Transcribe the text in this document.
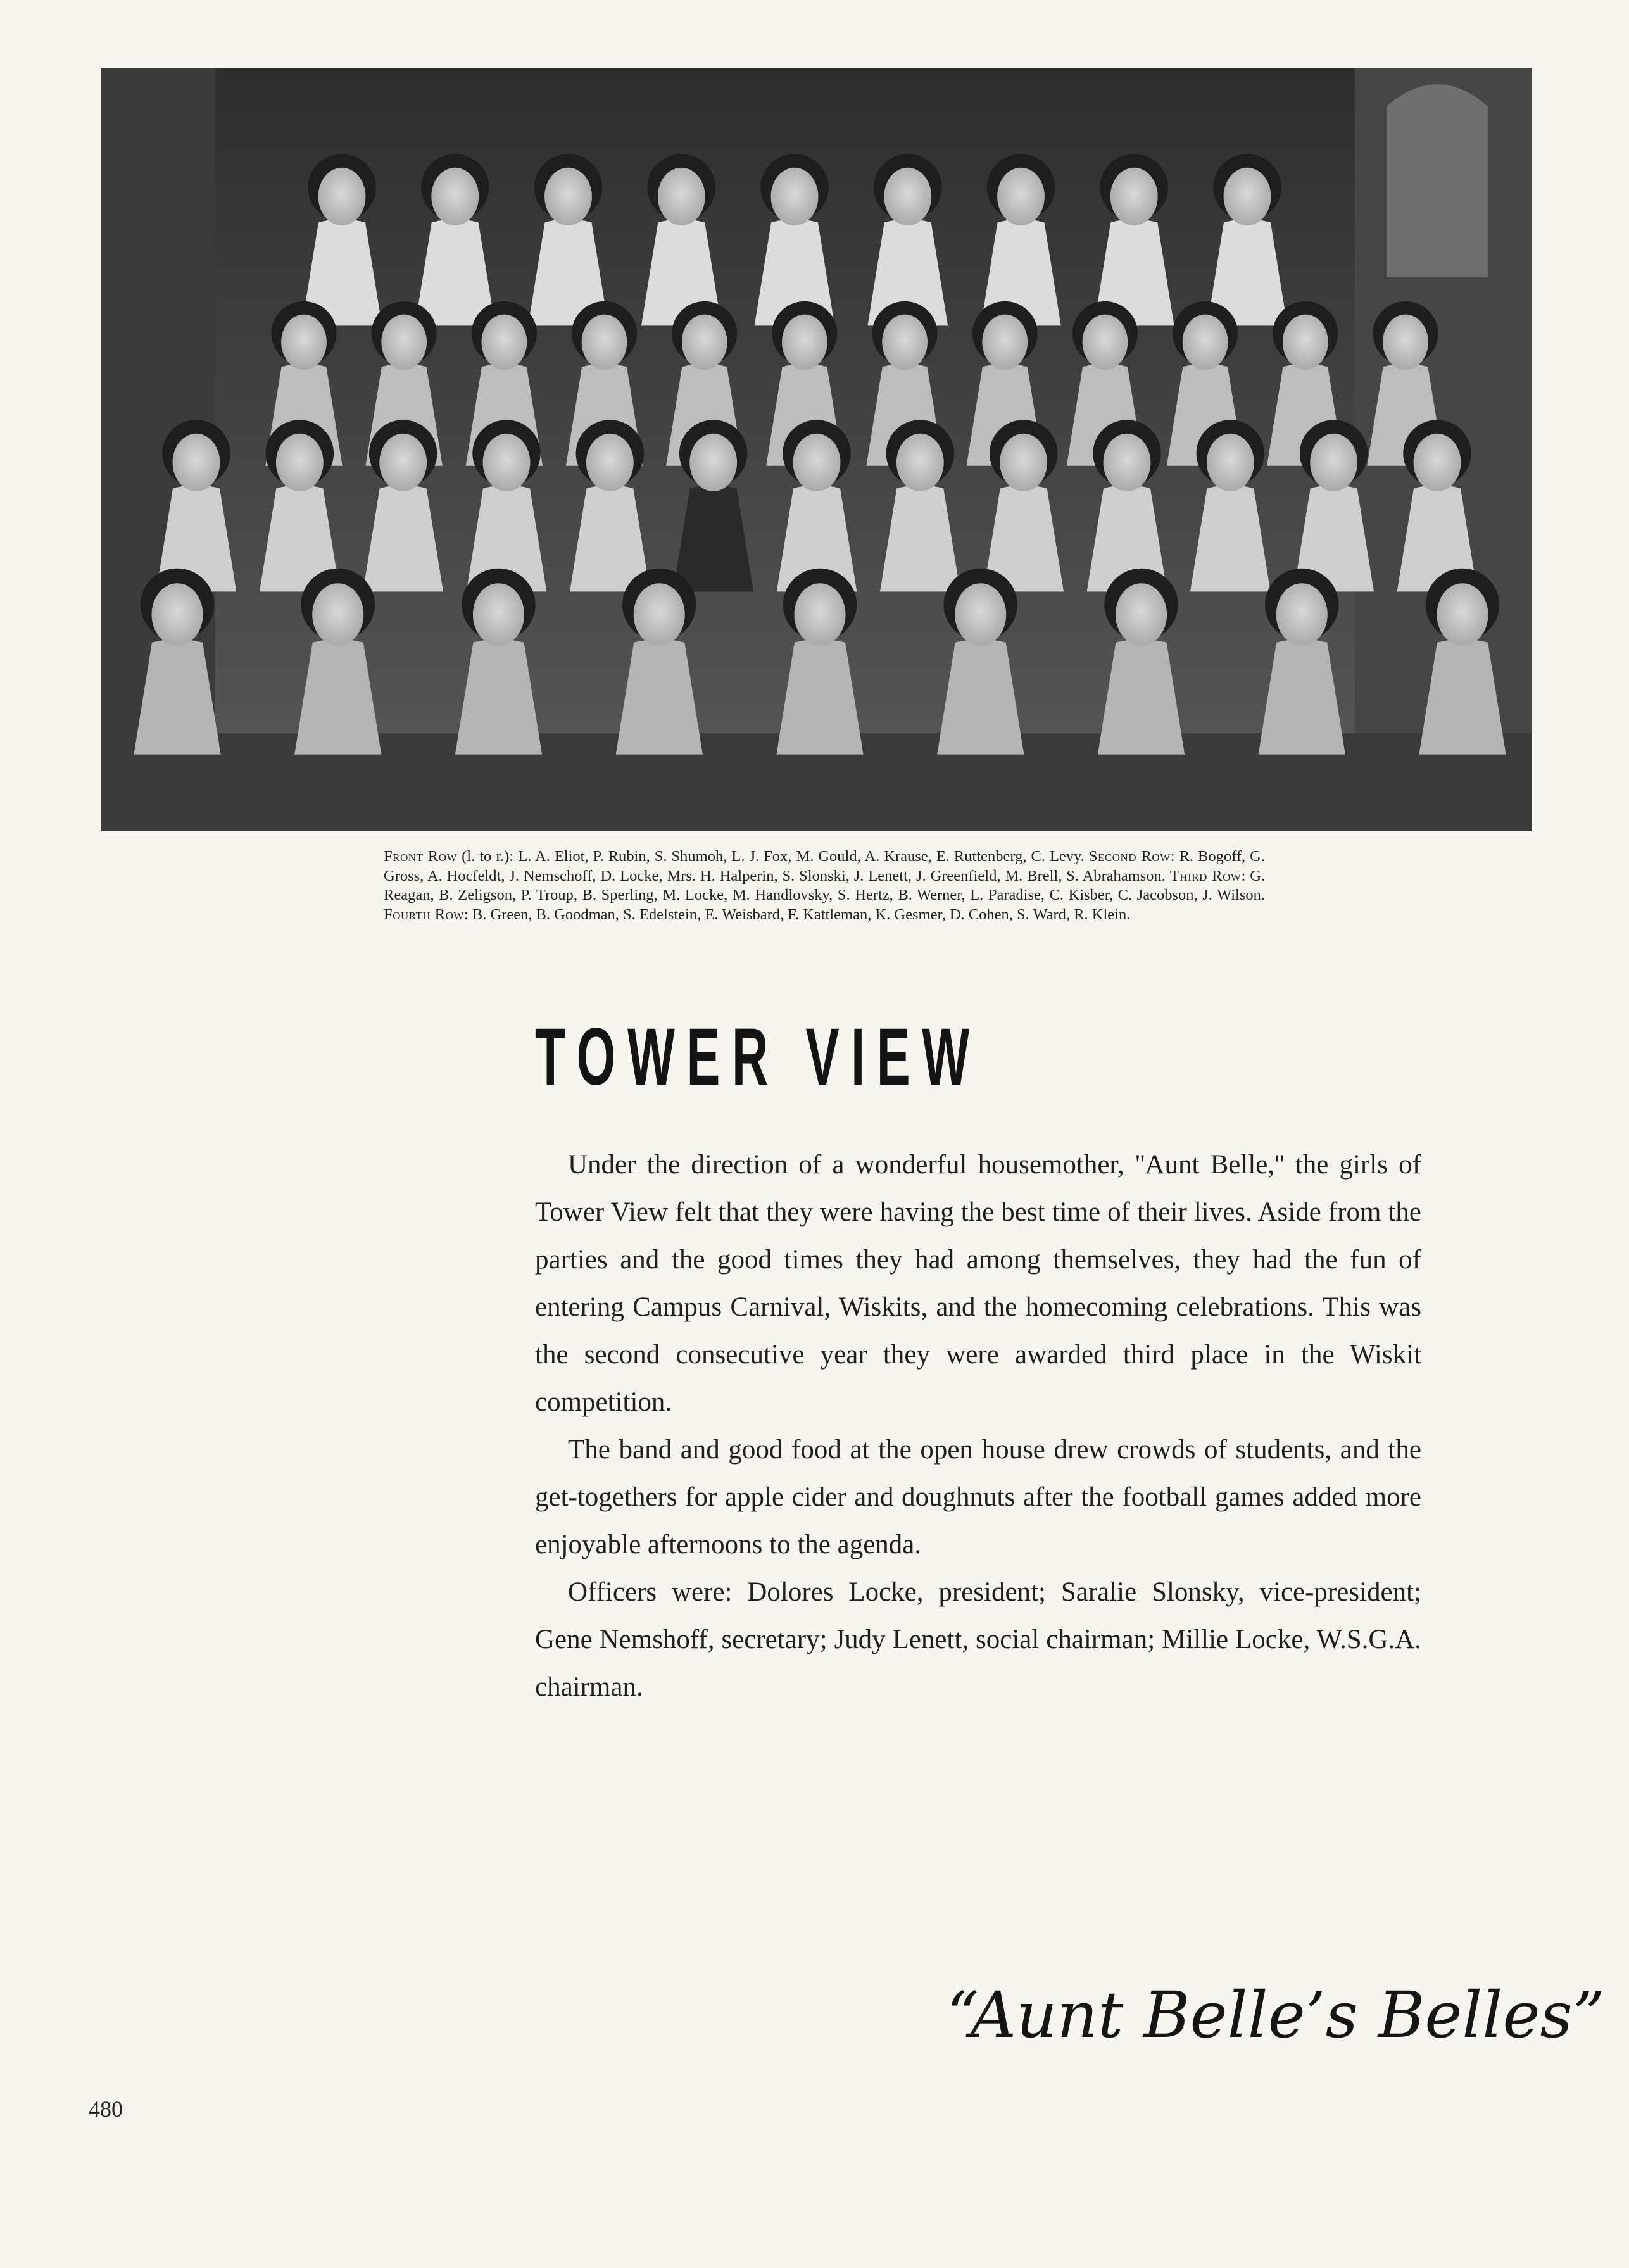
Front Row (l. to r.): L. A. Eliot, P. Rubin, S. Shumoh, L. J. Fox, M. Gould, A. Krause, E. Ruttenberg, C. Levy. Second Row: R. Bogoff, G. Gross, A. Hocfeldt, J. Nemschoff, D. Locke, Mrs. H. Halperin, S. Slonski, J. Lenett, J. Greenfield, M. Brell, S. Abrahamson. Third Row: G. Reagan, B. Zeligson, P. Troup, B. Sperling, M. Locke, M. Handlovsky, S. Hertz, B. Werner, L. Paradise, C. Kisber, C. Jacobson, J. Wilson. Fourth Row: B. Green, B. Goodman, S. Edelstein, E. Weisbard, F. Kattleman, K. Gesmer, D. Cohen, S. Ward, R. Klein.
TOWER VIEW

Under the direction of a wonderful housemother, ''Aunt Belle,'' the girls of Tower View felt that they were having the best time of their lives. Aside from the parties and the good times they had among themselves, they had the fun of entering Campus Carnival, Wiskits, and the homecoming celebrations. This was the second consecutive year they were awarded third place in the Wiskit competition.

The band and good food at the open house drew crowds of students, and the get-togethers for apple cider and doughnuts after the football games added more enjoyable afternoons to the agenda.

Officers were: Dolores Locke, president; Saralie Slonsky, vice-president; Gene Nemshoff, secretary; Judy Lenett, social chairman; Millie Locke, W.S.G.A. chairman.

“Aunt Belle’s Belles”
480
